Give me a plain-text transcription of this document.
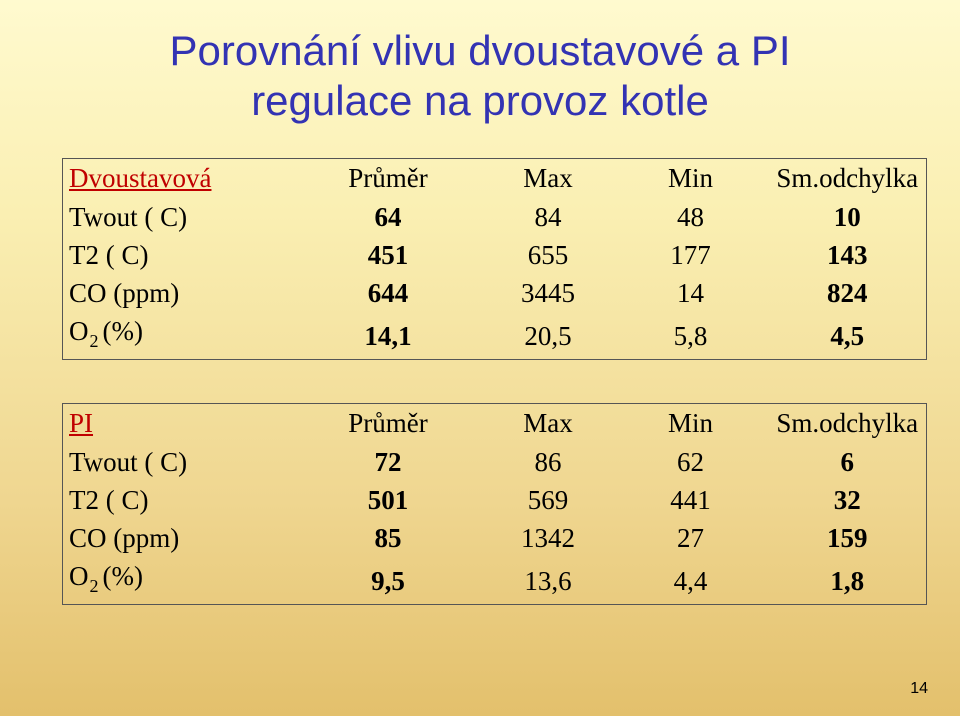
Porovnání vlivu dvoustavové a PI
regulace na provoz kotle
Dvoustavová	Průměr	Max	Min	Sm.odchylka
Twout ( C)	64	84	48	10
T2 ( C)	451	655	177	143
CO (ppm)	644	3445	14	824
$O_2$ (%)	14,1	20,5	5,8	4,5
PI	Průměr	Max	Min	Sm.odchylka
Twout ( C)	72	86	62	6
T2 ( C)	501	569	441	32
CO (ppm)	85	1342	27	159
$O_2$ (%)	9,5	13,6	4,4	1,8
14
